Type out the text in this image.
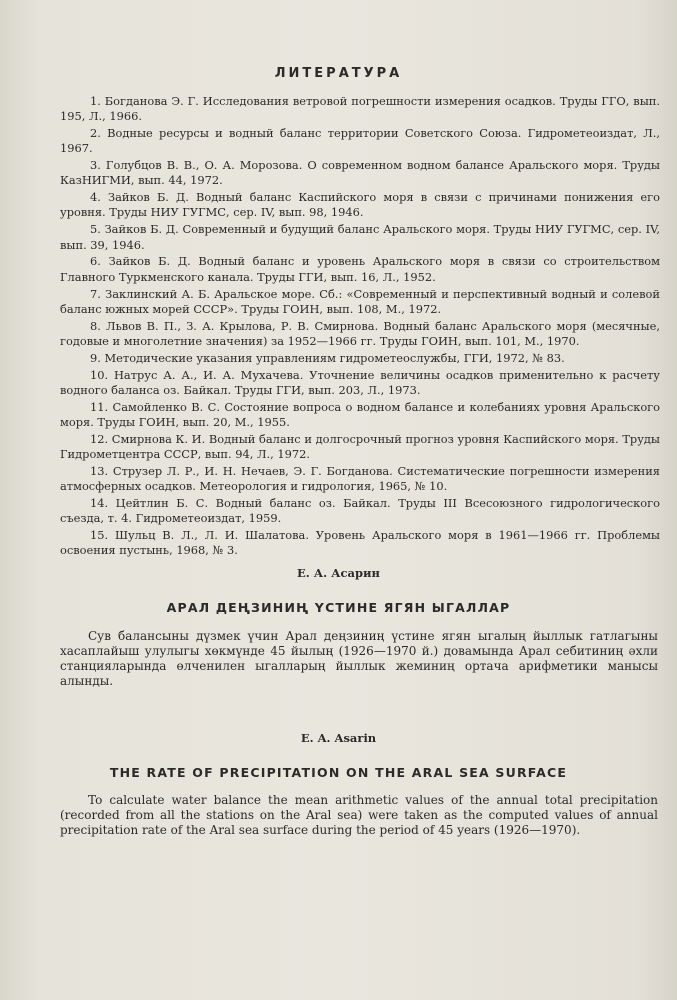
ЛИТЕРАТУРА

1. Богданова Э. Г. Исследования ветровой погрешности измерения осадков. Труды ГГО, вып. 195, Л., 1966.

2. Водные ресурсы и водный баланс территории Советского Союза. Гидрометеоиздат, Л., 1967.

3. Голубцов В. В., О. А. Морозова. О современном водном балансе Аральского моря. Труды КазНИГМИ, вып. 44, 1972.

4. Зайков Б. Д. Водный баланс Каспийского моря в связи с причинами понижения его уровня. Труды НИУ ГУГМС, сер. IV, вып. 98, 1946.

5. Зайков Б. Д. Современный и будущий баланс Аральского моря. Труды НИУ ГУГМС, сер. IV, вып. 39, 1946.

6. Зайков Б. Д. Водный баланс и уровень Аральского моря в связи со строительством Главного Туркменского канала. Труды ГГИ, вып. 16, Л., 1952.

7. Заклинский А. Б. Аральское море. Сб.: «Современный и перспективный водный и солевой баланс южных морей СССР». Труды ГОИН, вып. 108, М., 1972.

8. Львов В. П., З. А. Крылова, Р. В. Смирнова. Водный баланс Аральского моря (месячные, годовые и многолетние значения) за 1952—1966 гг. Труды ГОИН, вып. 101, М., 1970.

9. Методические указания управлениям гидрометеослужбы, ГГИ, 1972, № 83.

10. Натрус А. А., И. А. Мухачева. Уточнение величины осадков применительно к расчету водного баланса оз. Байкал. Труды ГГИ, вып. 203, Л., 1973.

11. Самойленко В. С. Состояние вопроса о водном балансе и колебаниях уровня Аральского моря. Труды ГОИН, вып. 20, М., 1955.

12. Смирнова К. И. Водный баланс и долгосрочный прогноз уровня Каспийского моря. Труды Гидрометцентра СССР, вып. 94, Л., 1972.

13. Струзер Л. Р., И. Н. Нечаев, Э. Г. Богданова. Систематические погрешности измерения атмосферных осадков. Метеорология и гидрология, 1965, № 10.

14. Цейтлин Б. С. Водный баланс оз. Байкал. Труды III Всесоюзного гидрологического съезда, т. 4. Гидрометеоиздат, 1959.

15. Шульц В. Л., Л. И. Шалатова. Уровень Аральского моря в 1961—1966 гг. Проблемы освоения пустынь, 1968, № 3.

Е. А. Асарин
АРАЛ ДЕҢЗИНИҢ ҮСТИНЕ ЯГЯН ЫГАЛЛАР

Сув балансыны дүзмек үчин Арал деңзиниң үстине ягян ыгалың йыллык гатлагыны хасаплайыш улулыгы хөкмүнде 45 йылың (1926—1970 й.) довамында Арал себитиниң әхли станцияларында өлченилен ыгалларың йыллык жеминиң ортача арифметики манысы алынды.

E. A. Asarin
THE RATE OF PRECIPITATION ON THE ARAL SEA SURFACE

To calculate water balance the mean arithmetic values of the annual total precipitation (recorded from all the stations on the Aral sea) were taken as the computed values of annual precipitation rate of the Aral sea surface during the period of 45 years (1926—1970).
